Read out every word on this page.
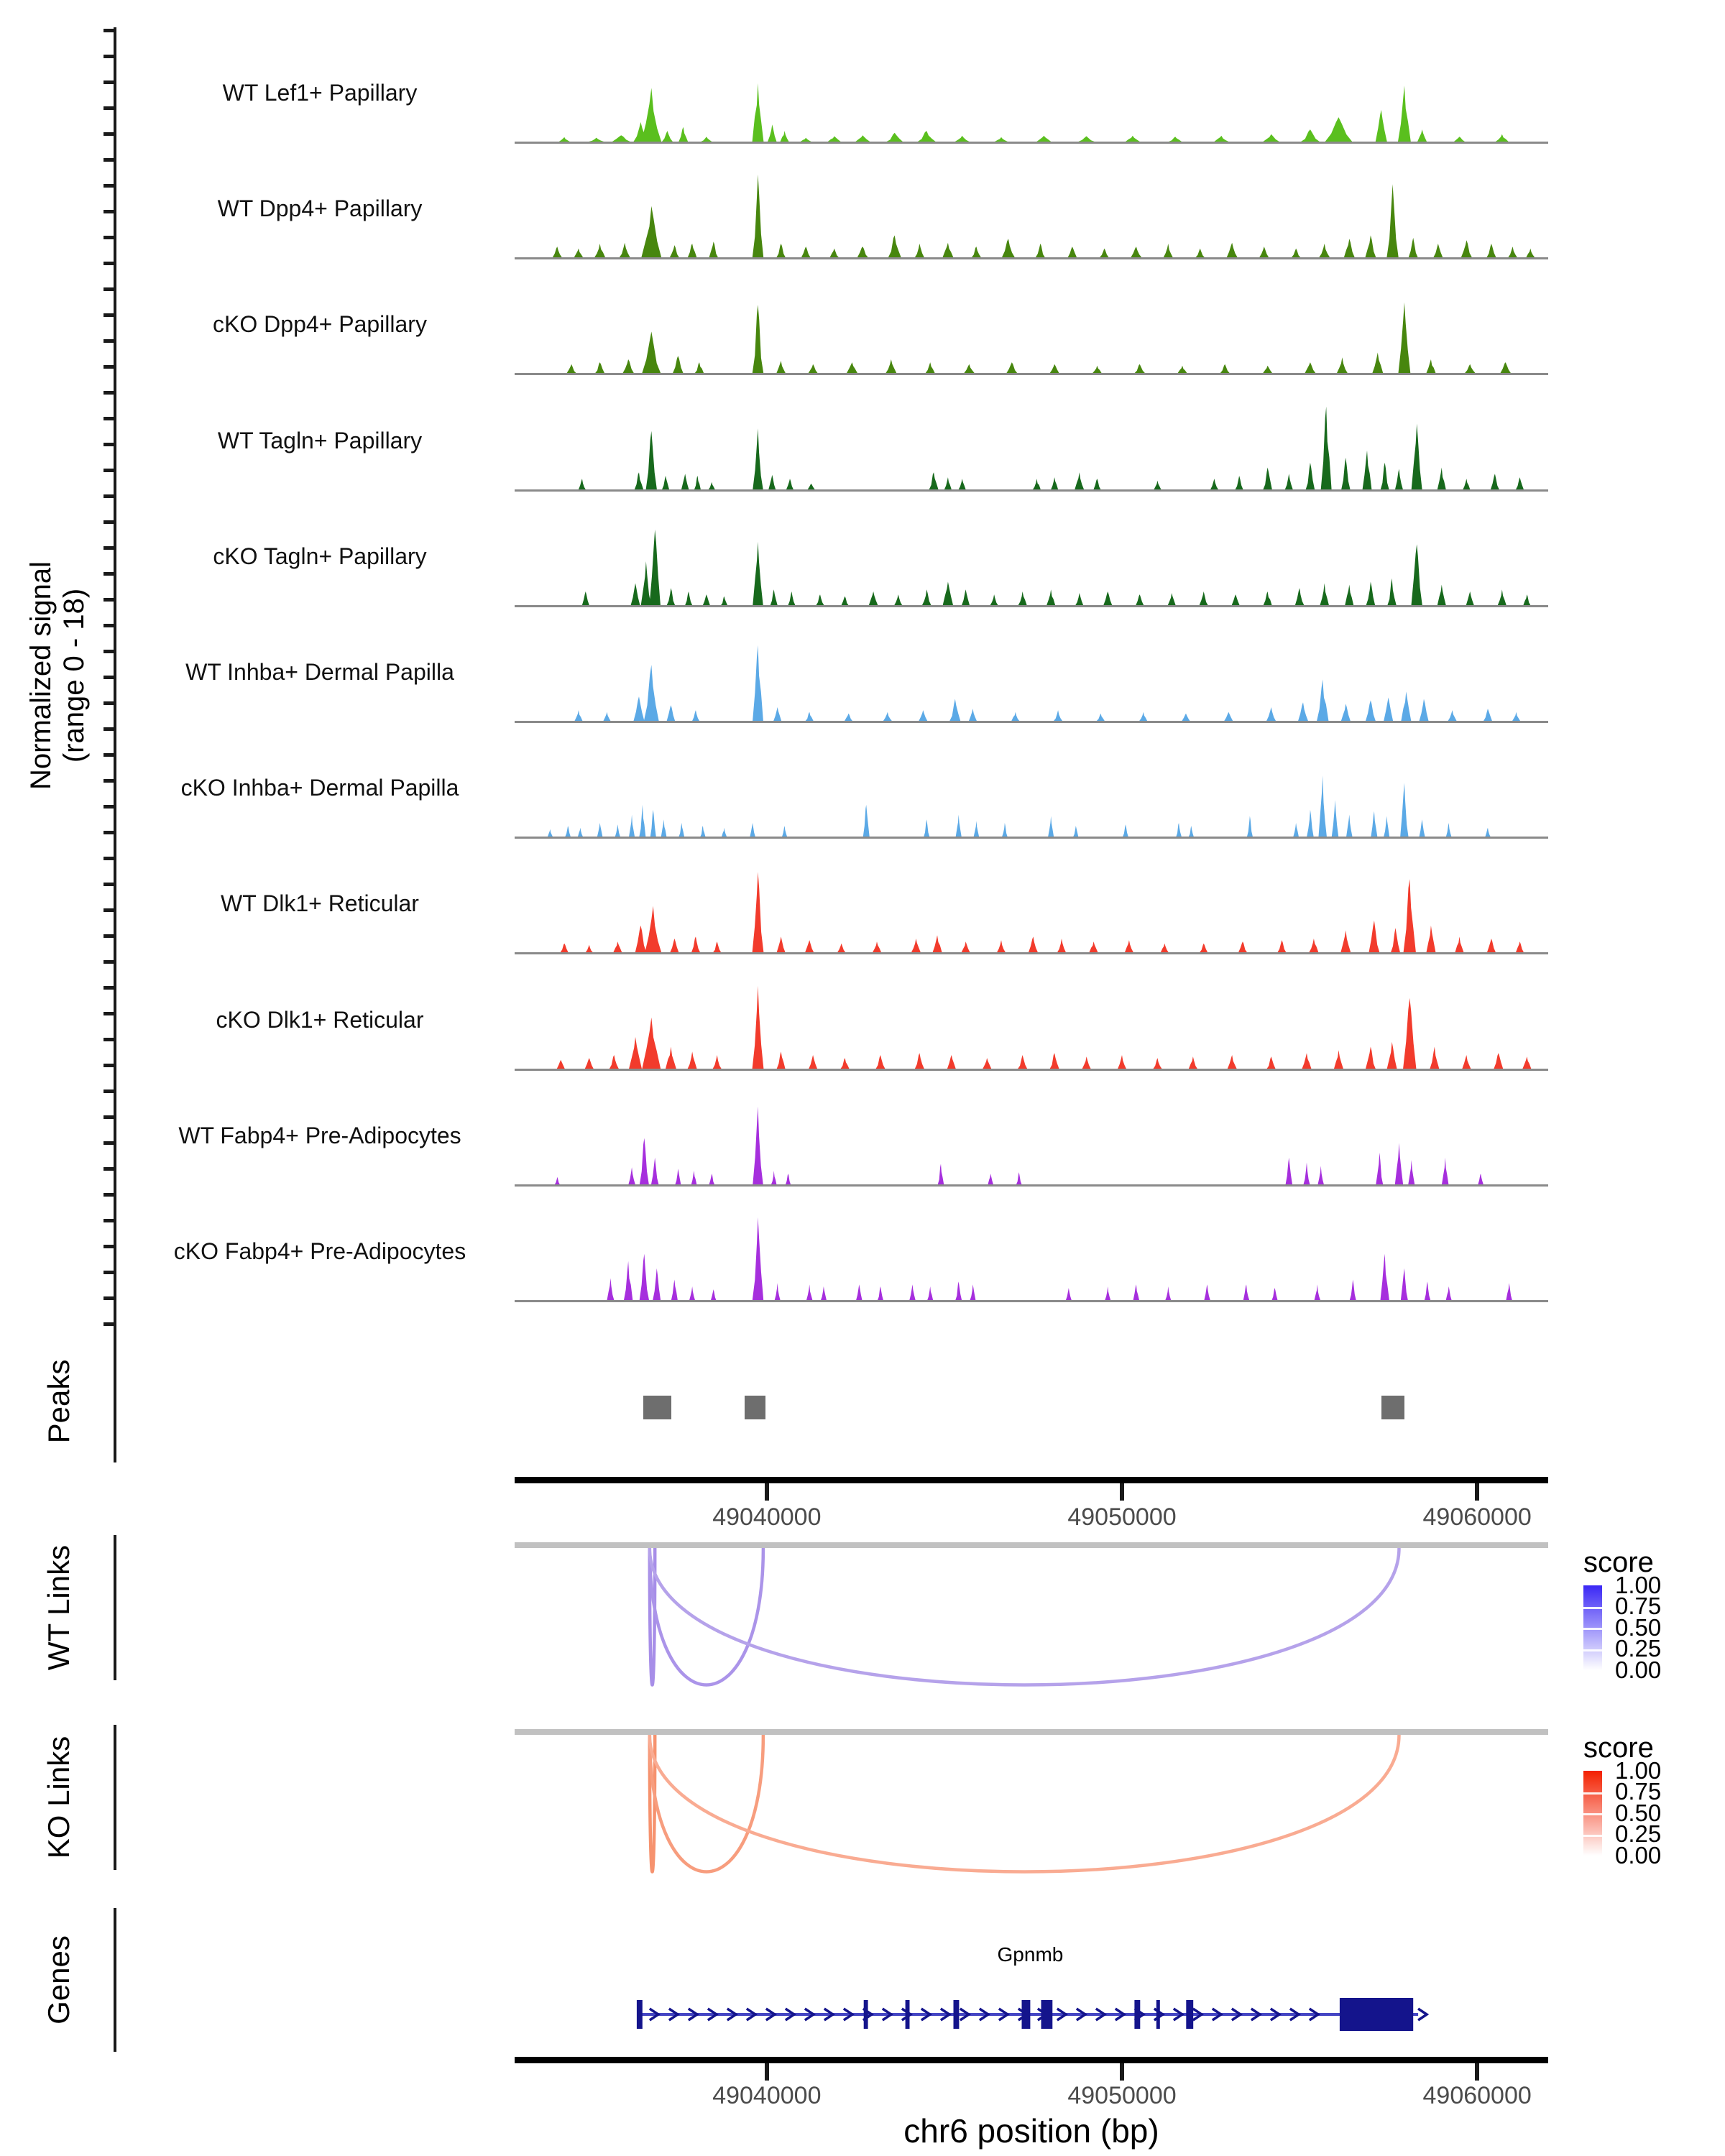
Normalized signal
(range 0 - 18)
WT Lef1+ Papillary
WT Dpp4+ Papillary
cKO Dpp4+ Papillary
WT Tagln+ Papillary
cKO Tagln+ Papillary
WT Inhba+ Dermal Papilla
cKO Inhba+ Dermal Papilla
WT Dlk1+ Reticular
cKO Dlk1+ Reticular
WT Fabp4+ Pre-Adipocytes
cKO Fabp4+ Pre-Adipocytes
Peaks
49040000	49050000	49060000
WT Links	score
1.00
0.75
0.50
0.25
0.00
KO Links	score
1.00
0.75
0.50
0.25
0.00
Genes	Gpnmb
49040000	49050000	49060000
chr6 position (bp)
